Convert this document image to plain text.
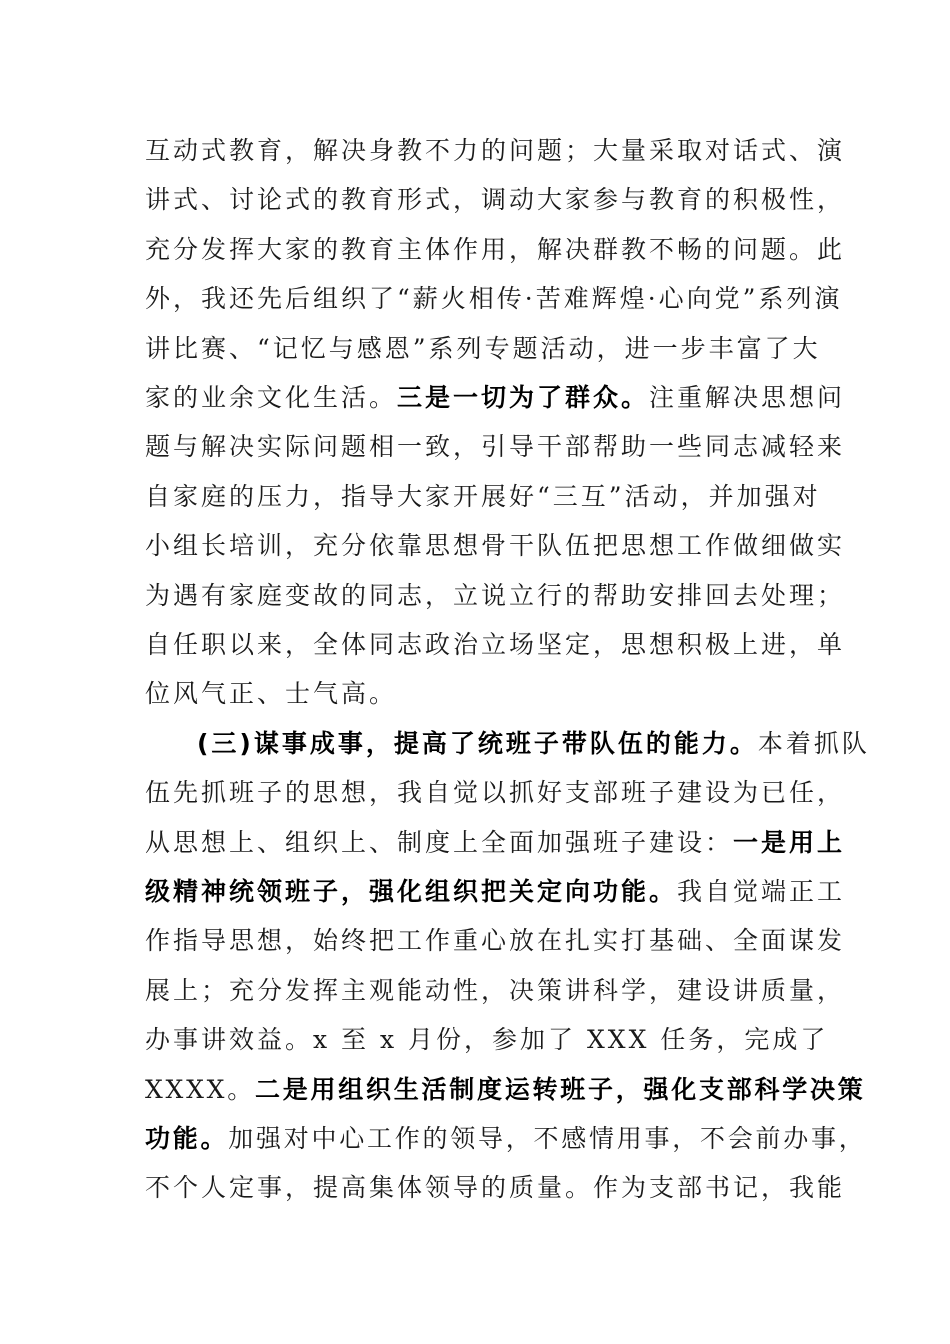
互动式教育，解决身教不力的问题；大量采取对话式、演
讲式、讨论式的教育形式，调动大家参与教育的积极性，
充分发挥大家的教育主体作用，解决群教不畅的问题。此
外，我还先后组织了“薪火相传·苦难辉煌·心向党”系列演
讲比赛、“记忆与感恩”系列专题活动，进一步丰富了大
家的业余文化生活。三是一切为了群众。注重解决思想问
题与解决实际问题相一致，引导干部帮助一些同志减轻来
自家庭的压力，指导大家开展好“三互”活动，并加强对
小组长培训，充分依靠思想骨干队伍把思想工作做细做实
为遇有家庭变故的同志，立说立行的帮助安排回去处理；
自任职以来，全体同志政治立场坚定，思想积极上进，单
位风气正、士气高。
(三)谋事成事，提高了统班子带队伍的能力。本着抓队
伍先抓班子的思想，我自觉以抓好支部班子建设为已任，
从思想上、组织上、制度上全面加强班子建设：一是用上
级精神统领班子，强化组织把关定向功能。我自觉端正工
作指导思想，始终把工作重心放在扎实打基础、全面谋发
展上；充分发挥主观能动性，决策讲科学，建设讲质量，
办事讲效益。x 至 x 月份，参加了 XXX 任务，完成了
XXXX。二是用组织生活制度运转班子，强化支部科学决策
功能。加强对中心工作的领导，不感情用事，不会前办事，
不个人定事，提高集体领导的质量。作为支部书记，我能
